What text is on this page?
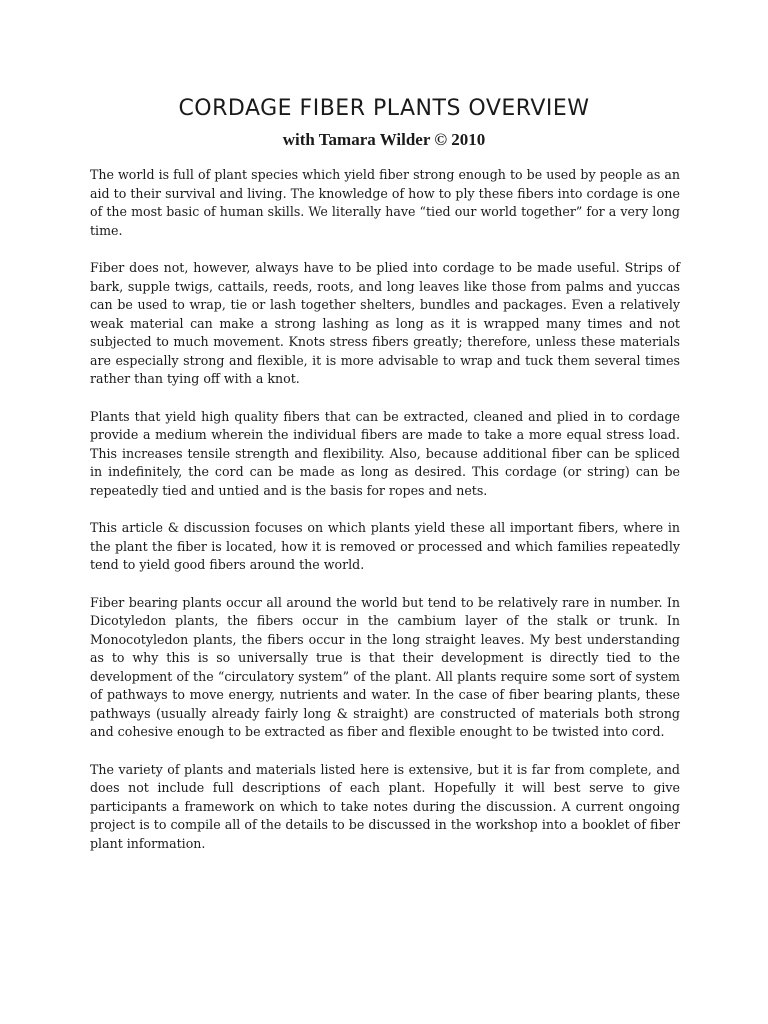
CORDAGE FIBER PLANTS OVERVIEW
with Tamara Wilder © 2010

The world is full of plant species which yield fiber strong enough to be used by people as an aid to their survival and living. The knowledge of how to ply these fibers into cordage is one of the most basic of human skills. We literally have “tied our world together” for a very long time.

Fiber does not, however, always have to be plied into cordage to be made useful. Strips of bark, supple twigs, cattails, reeds, roots, and long leaves like those from palms and yuccas can be used to wrap, tie or lash together shelters, bundles and packages. Even a relatively weak material can make a strong lashing as long as it is wrapped many times and not subjected to much movement. Knots stress fibers greatly; therefore, unless these materials are especially strong and flexible, it is more advisable to wrap and tuck them several times rather than tying off with a knot.

Plants that yield high quality fibers that can be extracted, cleaned and plied in to cordage provide a medium wherein the individual fibers are made to take a more equal stress load. This increases tensile strength and flexibility. Also, because additional fiber can be spliced in indefinitely, the cord can be made as long as desired. This cordage (or string) can be repeatedly tied and untied and is the basis for ropes and nets.

This article & discussion focuses on which plants yield these all important fibers, where in the plant the fiber is located, how it is removed or processed and which families repeatedly tend to yield good fibers around the world.

Fiber bearing plants occur all around the world but tend to be relatively rare in number. In Dicotyledon plants, the fibers occur in the cambium layer of the stalk or trunk. In Monocotyledon plants, the fibers occur in the long straight leaves. My best understanding as to why this is so universally true is that their development is directly tied to the development of the “circulatory system” of the plant. All plants require some sort of system of pathways to move energy, nutrients and water. In the case of fiber bearing plants, these pathways (usually already fairly long & straight) are constructed of materials both strong and cohesive enough to be extracted as fiber and flexible enought to be twisted into cord.

The variety of plants and materials listed here is extensive, but it is far from complete, and does not include full descriptions of each plant. Hopefully it will best serve to give participants a framework on which to take notes during the discussion. A current ongoing project is to compile all of the details to be discussed in the workshop into a booklet of fiber plant information.
